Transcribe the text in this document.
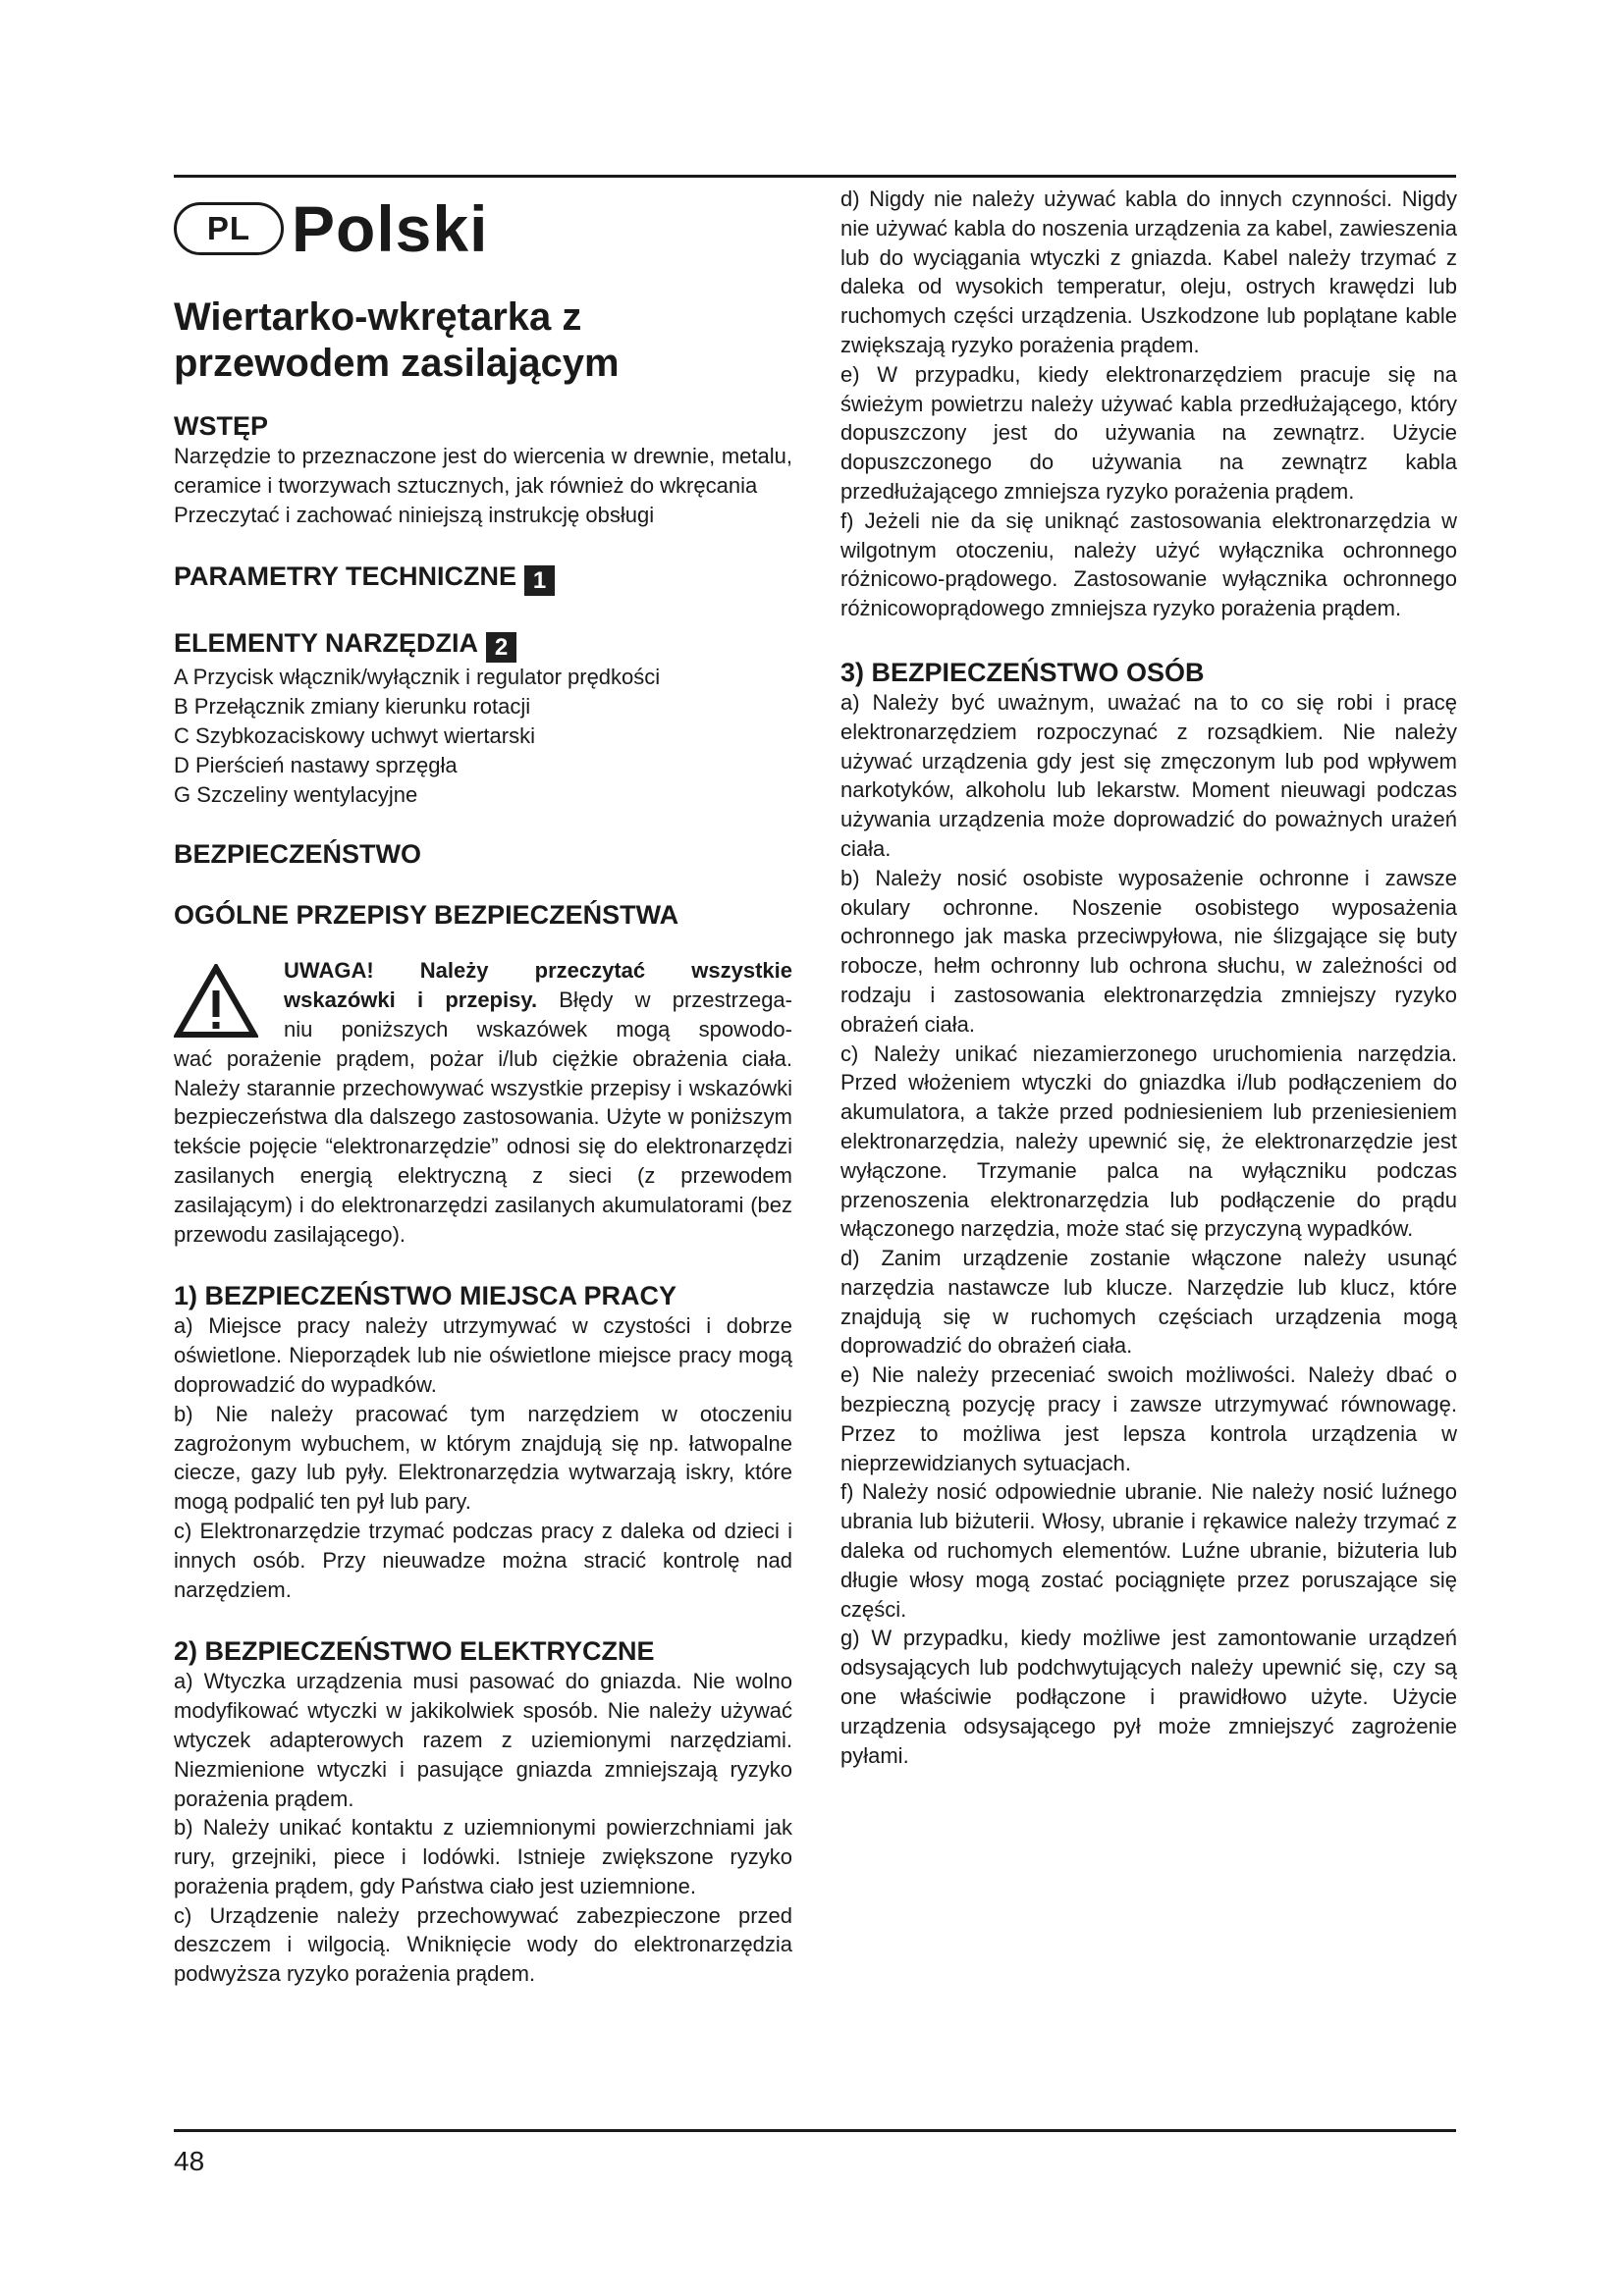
PL Polski
Wiertarko-wkrętarka z przewodem zasilającym
WSTĘP

Narzędzie to przeznaczone jest do wiercenia w drewnie, metalu, ceramice i tworzywach sztucznych, jak również do wkręcania

Przeczytać i zachować niniejszą instrukcję obsługi

PARAMETRY TECHNICZNE 1
ELEMENTY NARZĘDZIA 2
A Przycisk włącznik/wyłącznik i regulator prędkości
B Przełącznik zmiany kierunku rotacji
C Szybkozaciskowy uchwyt wiertarski
D Pierścień nastawy sprzęgła
G Szczeliny wentylacyjne
BEZPIECZEŃSTWO
OGÓLNE PRZEPISY BEZPIECZEŃSTWA

UWAGA! Należy przeczytać wszystkie

wskazówki i przepisy. Błędy w przestrzega-

niu poniższych wskazówek mogą spowodo-

wać porażenie prądem, pożar i/lub ciężkie obrażenia ciała. Należy starannie przechowywać wszystkie przepisy i wskazówki bezpieczeństwa dla dalszego zastosowania. Użyte w poniższym tekście pojęcie “elektronarzędzie” odnosi się do elektronarzędzi zasilanych energią elektryczną z sieci (z przewodem zasilającym) i do elektronarzędzi zasilanych akumulatorami (bez przewodu zasilającego).

1) BEZPIECZEŃSTWO MIEJSCA PRACY

a) Miejsce pracy należy utrzymywać w czystości i dobrze oświetlone. Nieporządek lub nie oświetlone miejsce pracy mogą doprowadzić do wypadków.

b) Nie należy pracować tym narzędziem w otoczeniu zagrożonym wybuchem, w którym znajdują się np. łatwopalne ciecze, gazy lub pyły. Elektronarzędzia wytwarzają iskry, które mogą podpalić ten pył lub pary.

c) Elektronarzędzie trzymać podczas pracy z daleka od dzieci i innych osób. Przy nieuwadze można stracić kontrolę nad narzędziem.

2) BEZPIECZEŃSTWO ELEKTRYCZNE

a) Wtyczka urządzenia musi pasować do gniazda. Nie wolno modyfikować wtyczki w jakikolwiek sposób. Nie należy używać wtyczek adapterowych razem z uziemionymi narzędziami. Niezmienione wtyczki i pasujące gniazda zmniejszają ryzyko porażenia prądem.

b) Należy unikać kontaktu z uziemnionymi powierzchniami jak rury, grzejniki, piece i lodówki. Istnieje zwiększone ryzyko porażenia prądem, gdy Państwa ciało jest uziemnione.

c) Urządzenie należy przechowywać zabezpieczone przed deszczem i wilgocią. Wniknięcie wody do elektronarzędzia podwyższa ryzyko porażenia prądem.

d) Nigdy nie należy używać kabla do innych czynności. Nigdy nie używać kabla do noszenia urządzenia za kabel, zawieszenia lub do wyciągania wtyczki z gniazda. Kabel należy trzymać z daleka od wysokich temperatur, oleju, ostrych krawędzi lub ruchomych części urządzenia. Uszkodzone lub poplątane kable zwiększają ryzyko porażenia prądem.

e) W przypadku, kiedy elektronarzędziem pracuje się na świeżym powietrzu należy używać kabla przedłużającego, który dopuszczony jest do używania na zewnątrz. Użycie dopuszczonego do używania na zewnątrz kabla przedłużającego zmniejsza ryzyko porażenia prądem.

f) Jeżeli nie da się uniknąć zastosowania elektronarzędzia w wilgotnym otoczeniu, należy użyć wyłącznika ochronnego różnicowo-prądowego. Zastosowanie wyłącznika ochronnego różnicowoprądowego zmniejsza ryzyko porażenia prądem.

3) BEZPIECZEŃSTWO OSÓB

a) Należy być uważnym, uważać na to co się robi i pracę elektronarzędziem rozpoczynać z rozsądkiem. Nie należy używać urządzenia gdy jest się zmęczonym lub pod wpływem narkotyków, alkoholu lub lekarstw. Moment nieuwagi podczas używania urządzenia może doprowadzić do poważnych urażeń ciała.

b) Należy nosić osobiste wyposażenie ochronne i zawsze okulary ochronne. Noszenie osobistego wyposażenia ochronnego jak maska przeciwpyłowa, nie ślizgające się buty robocze, hełm ochronny lub ochrona słuchu, w zależności od rodzaju i zastosowania elektronarzędzia zmniejszy ryzyko obrażeń ciała.

c) Należy unikać niezamierzonego uruchomienia narzędzia. Przed włożeniem wtyczki do gniazdka i/lub podłączeniem do akumulatora, a także przed podniesieniem lub przeniesieniem elektronarzędzia, należy upewnić się, że elektronarzędzie jest wyłączone. Trzymanie palca na wyłączniku podczas przenoszenia elektronarzędzia lub podłączenie do prądu włączonego narzędzia, może stać się przyczyną wypadków.

d) Zanim urządzenie zostanie włączone należy usunąć narzędzia nastawcze lub klucze. Narzędzie lub klucz, które znajdują się w ruchomych częściach urządzenia mogą doprowadzić do obrażeń ciała.

e) Nie należy przeceniać swoich możliwości. Należy dbać o bezpieczną pozycję pracy i zawsze utrzymywać równowagę. Przez to możliwa jest lepsza kontrola urządzenia w nieprzewidzianych sytuacjach.

f) Należy nosić odpowiednie ubranie. Nie należy nosić luźnego ubrania lub biżuterii. Włosy, ubranie i rękawice należy trzymać z daleka od ruchomych elementów. Luźne ubranie, biżuteria lub długie włosy mogą zostać pociągnięte przez poruszające się części.

g) W przypadku, kiedy możliwe jest zamontowanie urządzeń odsysających lub podchwytujących należy upewnić się, czy są one właściwie podłączone i prawidłowo użyte. Użycie urządzenia odsysającego pył może zmniejszyć zagrożenie pyłami.

48
